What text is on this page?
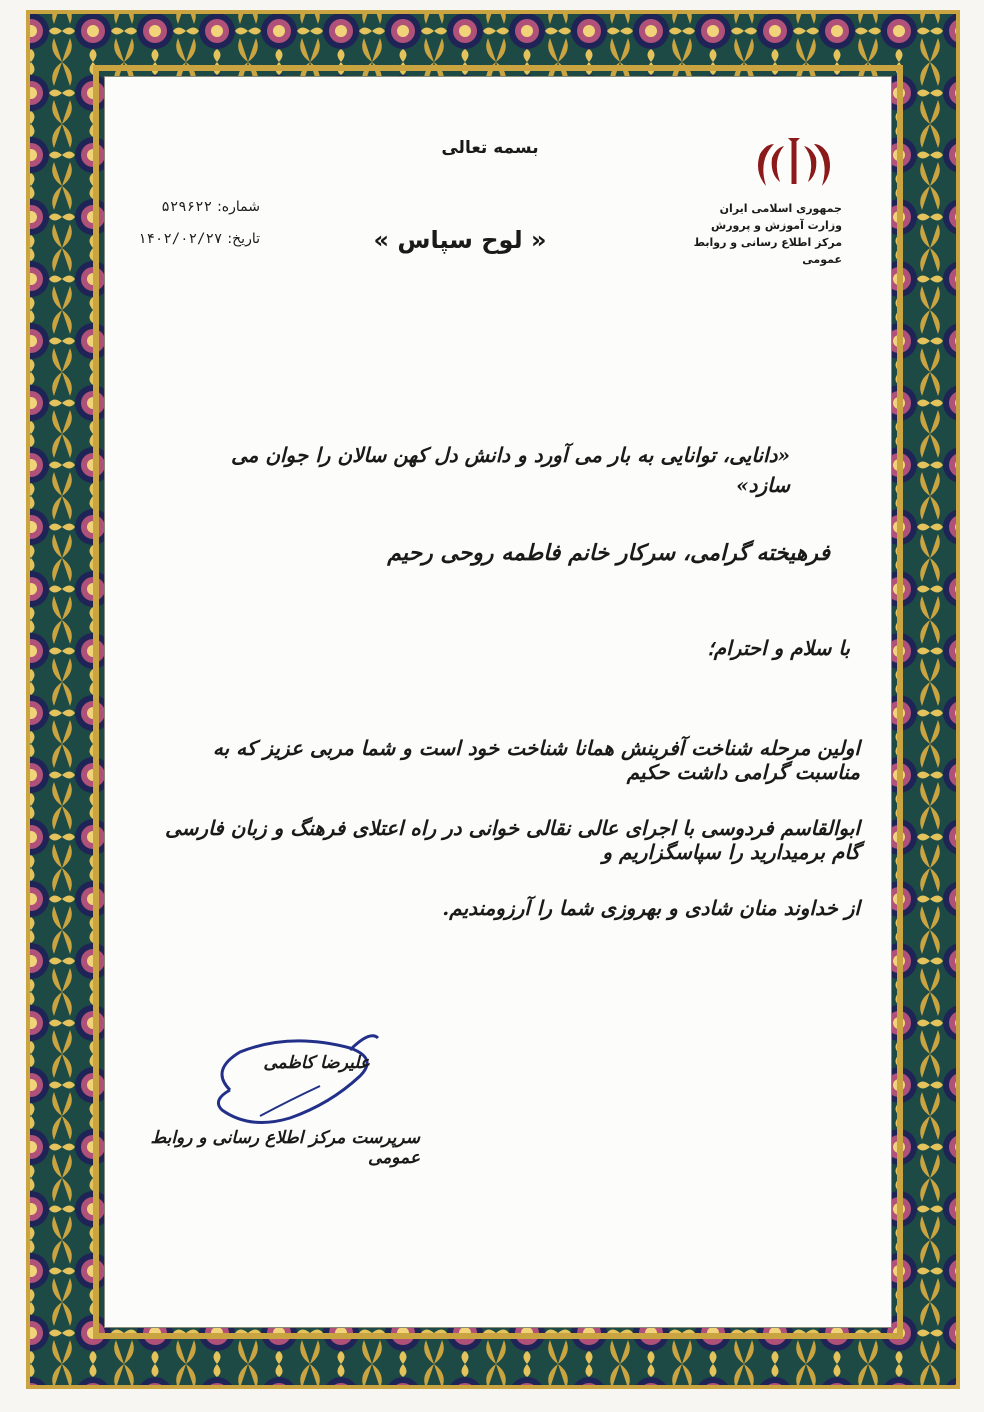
بسمه تعالی
شماره: ۵۲۹۶۲۲
تاریخ: ۱۴۰۲/۰۲/۲۷	« لوح سپاس »
جمهوری اسلامی ایران
وزارت آموزش و پرورش
مرکز اطلاع رسانی و روابط عمومی
«دانایی، توانایی به بار می آورد و دانش دل کهن سالان را جوان می سازد»
فرهیخته گرامی، سرکار خانم فاطمه روحی رحیم
با سلام و احترام؛
اولین مرحله شناخت آفرینش همانا شناخت خود است و شما مربی عزیز که به مناسبت گرامی داشت حکیم
ابوالقاسم فردوسی با اجرای عالی نقالی خوانی در راه اعتلای فرهنگ و زبان فارسی گام برمیدارید را سپاسگزاریم و
از خداوند منان شادی و بهروزی شما را آرزومندیم.
علیرضا کاظمی
سرپرست مرکز اطلاع رسانی و روابط عمومی
